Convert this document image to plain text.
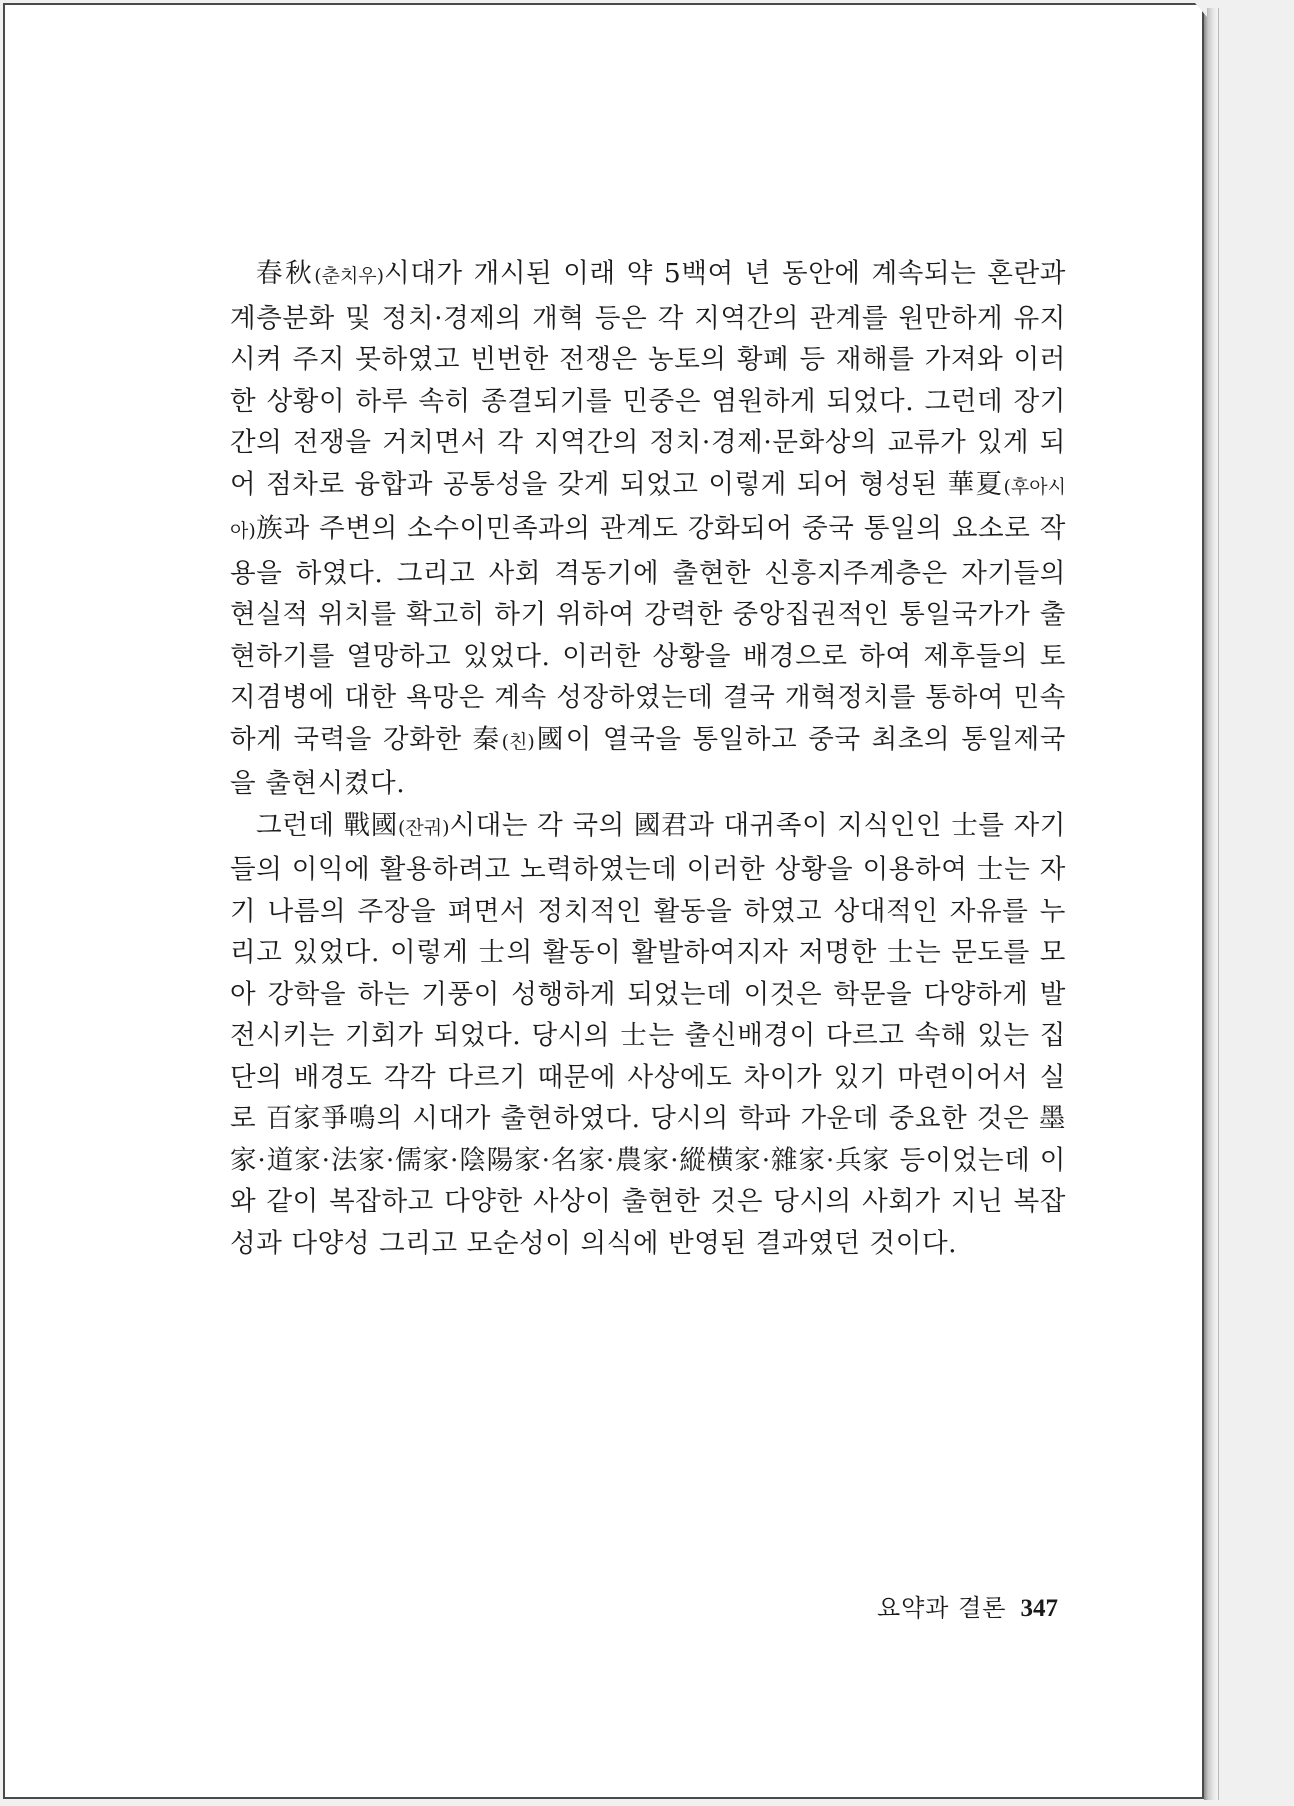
春秋(춘치우)시대가 개시된 이래 약 5백여 년 동안에 계속되는 혼란과 계층분화 및 정치·경제의 개혁 등은 각 지역간의 관계를 원만하게 유지시켜 주지 못하였고 빈번한 전쟁은 농토의 황폐 등 재해를 가져와 이러한 상황이 하루 속히 종결되기를 민중은 염원하게 되었다. 그런데 장기간의 전쟁을 거치면서 각 지역간의 정치·경제·문화상의 교류가 있게 되어 점차로 융합과 공통성을 갖게 되었고 이렇게 되어 형성된 華夏(후아시아)族과 주변의 소수이민족과의 관계도 강화되어 중국 통일의 요소로 작용을 하였다. 그리고 사회 격동기에 출현한 신흥지주계층은 자기들의 현실적 위치를 확고히 하기 위하여 강력한 중앙집권적인 통일국가가 출현하기를 열망하고 있었다. 이러한 상황을 배경으로 하여 제후들의 토지겸병에 대한 욕망은 계속 성장하였는데 결국 개혁정치를 통하여 민속하게 국력을 강화한 秦(친)國이 열국을 통일하고 중국 최초의 통일제국을 출현시켰다.

그런데 戰國(잔궈)시대는 각 국의 國君과 대귀족이 지식인인 士를 자기들의 이익에 활용하려고 노력하였는데 이러한 상황을 이용하여 士는 자기 나름의 주장을 펴면서 정치적인 활동을 하였고 상대적인 자유를 누리고 있었다. 이렇게 士의 활동이 활발하여지자 저명한 士는 문도를 모아 강학을 하는 기풍이 성행하게 되었는데 이것은 학문을 다양하게 발전시키는 기회가 되었다. 당시의 士는 출신배경이 다르고 속해 있는 집단의 배경도 각각 다르기 때문에 사상에도 차이가 있기 마련이어서 실로 百家爭鳴의 시대가 출현하였다. 당시의 학파 가운데 중요한 것은 墨家·道家·法家·儒家·陰陽家·名家·農家·縱横家·雜家·兵家 등이었는데 이와 같이 복잡하고 다양한 사상이 출현한 것은 당시의 사회가 지닌 복잡성과 다양성 그리고 모순성이 의식에 반영된 결과였던 것이다.

요약과 결론 347
